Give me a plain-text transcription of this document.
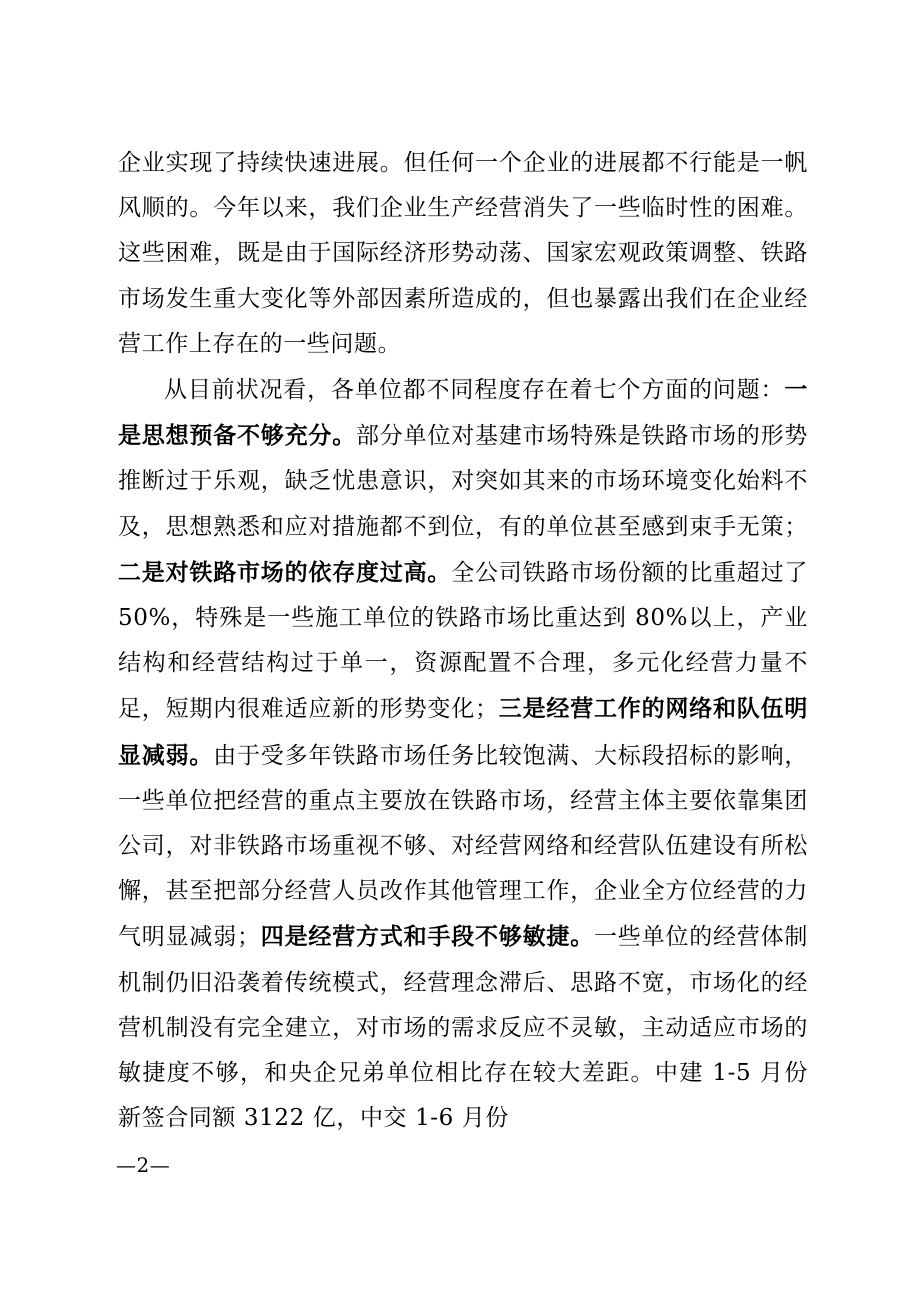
企业实现了持续快速进展。但任何一个企业的进展都不行能是一帆风顺的。今年以来，我们企业生产经营消失了一些临时性的困难。这些困难，既是由于国际经济形势动荡、国家宏观政策调整、铁路市场发生重大变化等外部因素所造成的，但也暴露出我们在企业经营工作上存在的一些问题。

从目前状况看，各单位都不同程度存在着七个方面的问题：一是思想预备不够充分。部分单位对基建市场特殊是铁路市场的形势推断过于乐观，缺乏忧患意识，对突如其来的市场环境变化始料不及，思想熟悉和应对措施都不到位，有的单位甚至感到束手无策；二是对铁路市场的依存度过高。全公司铁路市场份额的比重超过了 50%，特殊是一些施工单位的铁路市场比重达到 80%以上，产业结构和经营结构过于单一，资源配置不合理，多元化经营力量不足，短期内很难适应新的形势变化；三是经营工作的网络和队伍明显减弱。由于受多年铁路市场任务比较饱满、大标段招标的影响，一些单位把经营的重点主要放在铁路市场，经营主体主要依靠集团公司，对非铁路市场重视不够、对经营网络和经营队伍建设有所松懈，甚至把部分经营人员改作其他管理工作，企业全方位经营的力气明显减弱；四是经营方式和手段不够敏捷。一些单位的经营体制机制仍旧沿袭着传统模式，经营理念滞后、思路不宽，市场化的经营机制没有完全建立，对市场的需求反应不灵敏，主动适应市场的敏捷度不够，和央企兄弟单位相比存在较大差距。中建 1-5 月份新签合同额 3122 亿，中交 1-6 月份

—2—
